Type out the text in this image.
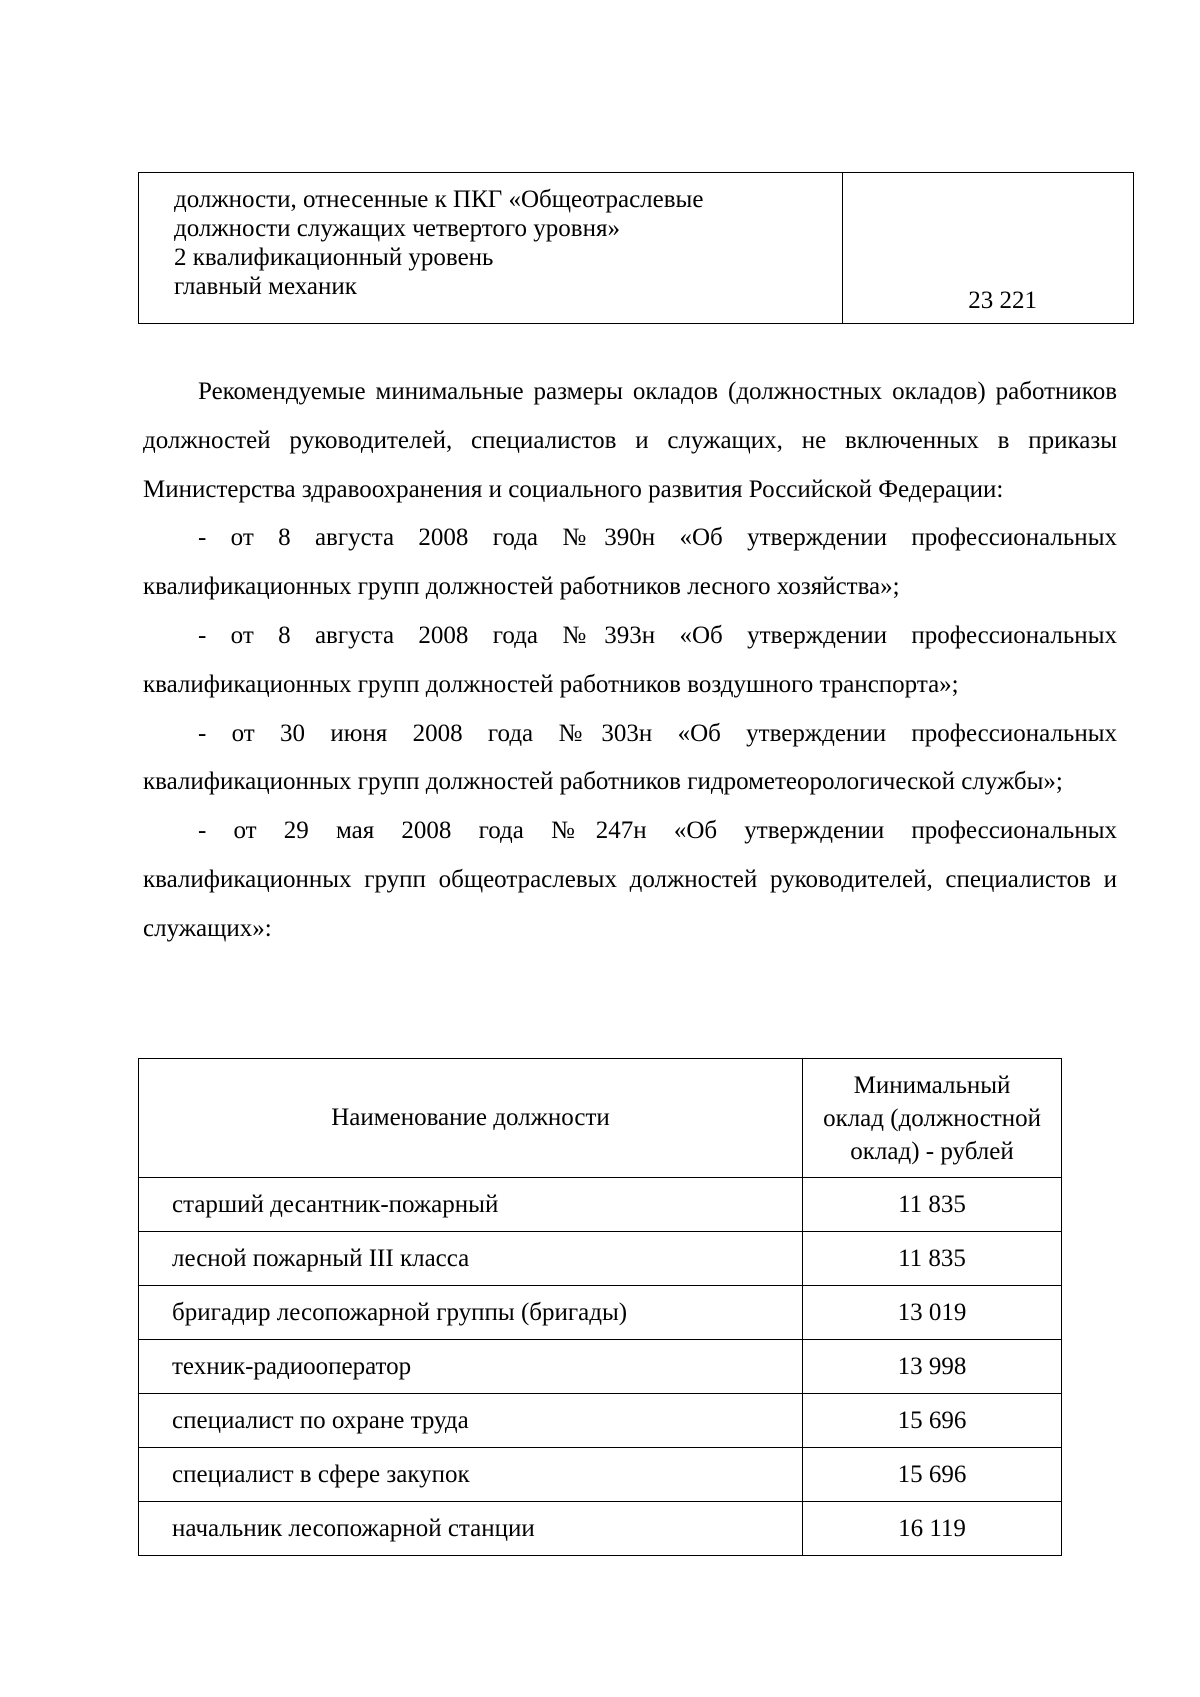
должности, отнесенные к ПКГ «Общеотраслевые
должности служащих четвертого уровня»
2 квалификационный уровень
главный механик
	23 221

Рекомендуемые минимальные размеры окладов (должностных окладов) работников должностей руководителей, специалистов и служащих, не включенных в приказы Министерства здравоохранения и социального развития Российской Федерации:

- от 8 августа 2008 года №390н «Об утверждении профессиональных квалификационных групп должностей работников лесного хозяйства»;

- от 8 августа 2008 года №393н «Об утверждении профессиональных квалификационных групп должностей работников воздушного транспорта»;

- от 30 июня 2008 года №303н «Об утверждении профессиональных квалификационных групп должностей работников гидрометеорологической службы»;

- от 29 мая 2008 года №247н «Об утверждении профессиональных квалификационных групп общеотраслевых должностей руководителей, специалистов и служащих»:

Наименование должности	Минимальный
оклад (должностной
оклад) - рублей

старший десантник-пожарный	11 835
лесной пожарный III класса	11 835
бригадир лесопожарной группы (бригады)	13 019
техник-радиооператор	13 998
специалист по охране труда	15 696
специалист в сфере закупок	15 696
начальник лесопожарной станции	16 119
